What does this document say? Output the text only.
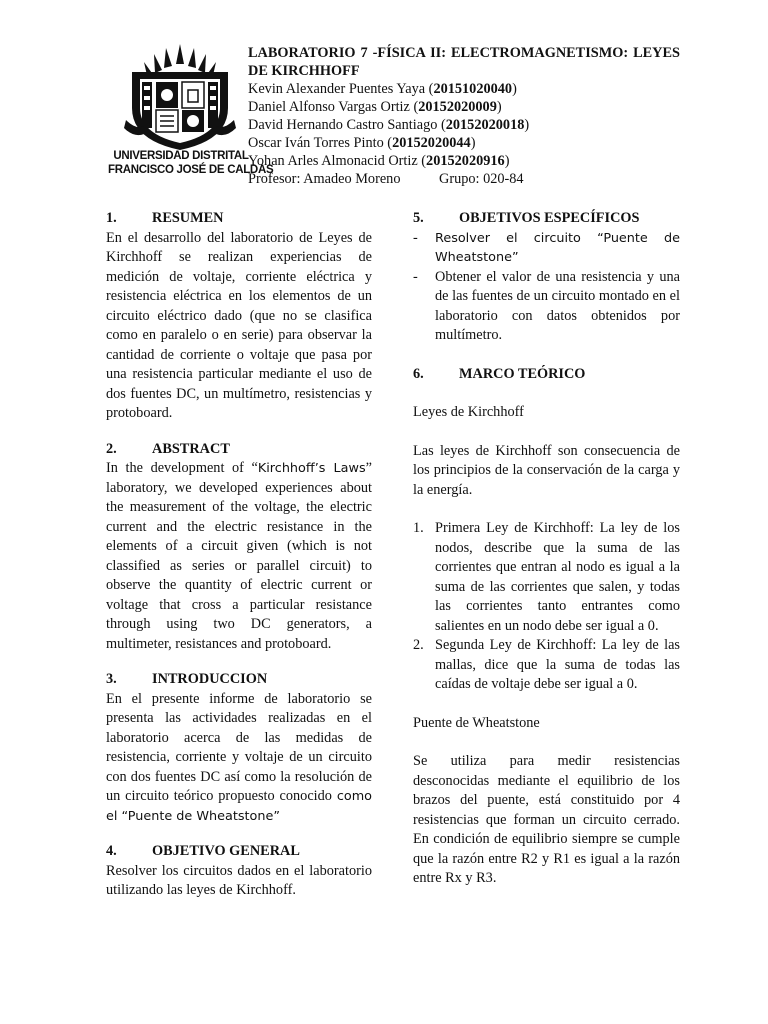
UNIVERSIDAD DISTRITAL
FRANCISCO JOSÉ DE CALDAS
LABORATORIO 7 -FÍSICA II: ELECTROMAGNETISMO: LEYES DE KIRCHHOFF
Kevin Alexander Puentes Yaya (20151020040)
Daniel Alfonso Vargas Ortiz (20152020009)
David Hernando Castro Santiago (20152020018)
Oscar Iván Torres Pinto (20152020044)
Yohan Arles Almonacid Ortiz (20152020916)
Profesor: Amadeo Moreno	Grupo: 020-84
1.	RESUMEN

En el desarrollo del laboratorio de Leyes de Kirchhoff se realizan experiencias de medición de voltaje, corriente eléctrica y resistencia eléctrica en los elementos de un circuito eléctrico dado (que no se clasifica como en paralelo o en serie) para observar la cantidad de corriente o voltaje que pasa por una resistencia particular mediante el uso de dos fuentes DC, un multímetro, resistencias y protoboard.

2.	ABSTRACT

In the development of “Kirchhoff’s Laws” laboratory, we developed experiences about the measurement of the voltage, the electric current and the electric resistance in the elements of a circuit given (which is not classified as series or parallel circuit) to observe the quantity of electric current or voltage that cross a particular resistance through using two DC generators, a multimeter, resistances and protoboard.

3.	INTRODUCCION

En el presente informe de laboratorio se presenta las actividades realizadas en el laboratorio acerca de las medidas de resistencia, corriente y voltaje de un circuito con dos fuentes DC así como la resolución de un circuito teórico propuesto conocido como el “Puente de Wheatstone”

4.	OBJETIVO GENERAL

Resolver los circuitos dados en el laboratorio utilizando las leyes de Kirchhoff.

5.	OBJETIVOS ESPECÍFICOS
-	Resolver el circuito “Puente de Wheatstone”
-	Obtener el valor de una resistencia y una de las fuentes de un circuito montado en el laboratorio con datos obtenidos por multímetro.
6.	MARCO TEÓRICO

Leyes de Kirchhoff

Las leyes de Kirchhoff son consecuencia de los principios de la conservación de la carga y la energía.

1. Primera Ley de Kirchhoff: La ley de los nodos, describe que la suma de las corrientes que entran al nodo es igual a la suma de las corrientes que salen, y todas las corrientes tanto entrantes como salientes en un nodo debe ser igual a 0.
2. Segunda Ley de Kirchhoff: La ley de las mallas, dice que la suma de todas las caídas de voltaje debe ser igual a 0.

Puente de Wheatstone

Se utiliza para medir resistencias desconocidas mediante el equilibrio de los brazos del puente, está constituido por 4 resistencias que forman un circuito cerrado. En condición de equilibrio siempre se cumple que la razón entre R2 y R1 es igual a la razón entre Rx y R3.
